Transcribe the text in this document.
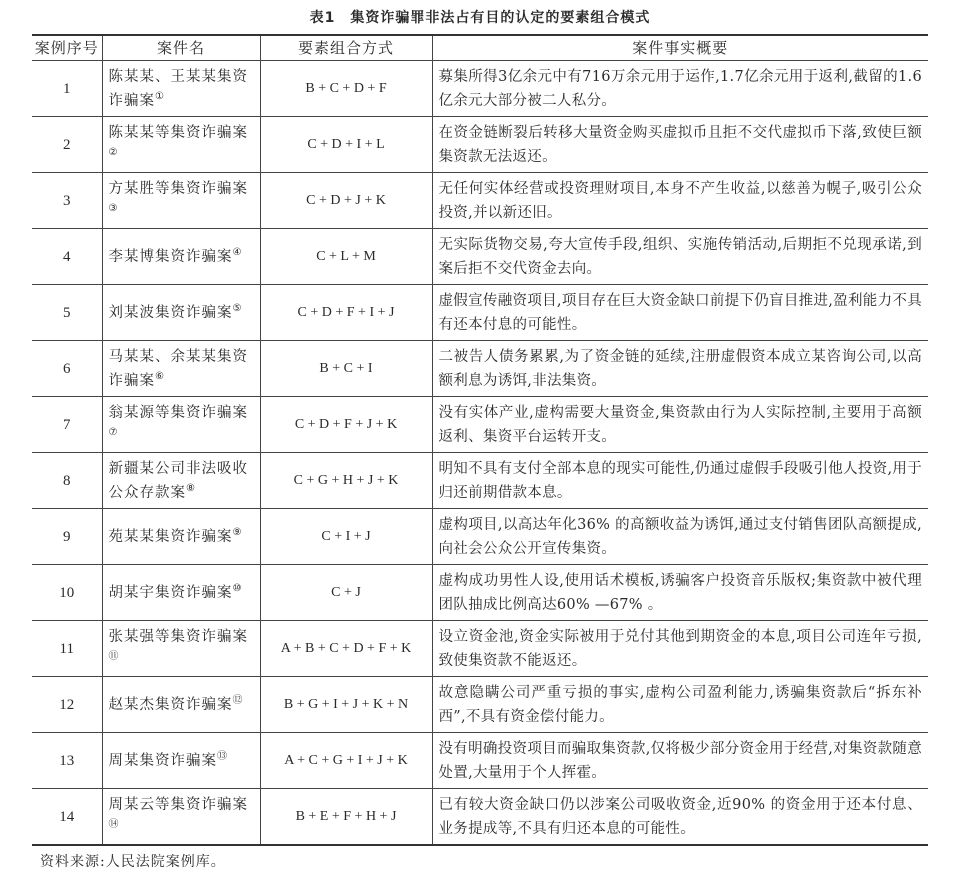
表1　集资诈骗罪非法占有目的认定的要素组合模式
案例序号	案件名	要素组合方式	案件事实概要
1	陈某某、王某某集资诈骗案①	B + C + D + F	募集所得3亿余元中有716万余元用于运作,1.7亿余元用于返利,截留的1.6亿余元大部分被二人私分。
2	陈某某等集资诈骗案②	C + D + I + L	在资金链断裂后转移大量资金购买虚拟币且拒不交代虚拟币下落,致使巨额集资款无法返还。
3	方某胜等集资诈骗案③	C + D + J + K	无任何实体经营或投资理财项目,本身不产生收益,以慈善为幌子,吸引公众投资,并以新还旧。
4	李某博集资诈骗案④	C + L + M	无实际货物交易,夸大宣传手段,组织、实施传销活动,后期拒不兑现承诺,到案后拒不交代资金去向。
5	刘某波集资诈骗案⑤	C + D + F + I + J	虚假宣传融资项目,项目存在巨大资金缺口前提下仍盲目推进,盈利能力不具有还本付息的可能性。
6	马某某、余某某集资诈骗案⑥	B + C + I	二被告人债务累累,为了资金链的延续,注册虚假资本成立某咨询公司,以高额利息为诱饵,非法集资。
7	翁某源等集资诈骗案⑦	C + D + F + J + K	没有实体产业,虚构需要大量资金,集资款由行为人实际控制,主要用于高额返利、集资平台运转开支。
8	新疆某公司非法吸收公众存款案⑧	C + G + H + J + K	明知不具有支付全部本息的现实可能性,仍通过虚假手段吸引他人投资,用于归还前期借款本息。
9	苑某某集资诈骗案⑨	C + I + J	虚构项目,以高达年化36% 的高额收益为诱饵,通过支付销售团队高额提成,向社会公众公开宣传集资。
10	胡某宇集资诈骗案⑩	C + J	虚构成功男性人设,使用话术模板,诱骗客户投资音乐版权;集资款中被代理团队抽成比例高达60% —67% 。
11	张某强等集资诈骗案⑪	A + B + C + D + F + K	设立资金池,资金实际被用于兑付其他到期资金的本息,项目公司连年亏损,致使集资款不能返还。
12	赵某杰集资诈骗案⑫	B + G + I + J + K + N	故意隐瞒公司严重亏损的事实,虚构公司盈利能力,诱骗集资款后“拆东补西”,不具有资金偿付能力。
13	周某集资诈骗案⑬	A + C + G + I + J + K	没有明确投资项目而骗取集资款,仅将极少部分资金用于经营,对集资款随意处置,大量用于个人挥霍。
14	周某云等集资诈骗案⑭	B + E + F + H + J	已有较大资金缺口仍以涉案公司吸收资金,近90% 的资金用于还本付息、业务提成等,不具有归还本息的可能性。
资料来源:人民法院案例库。
